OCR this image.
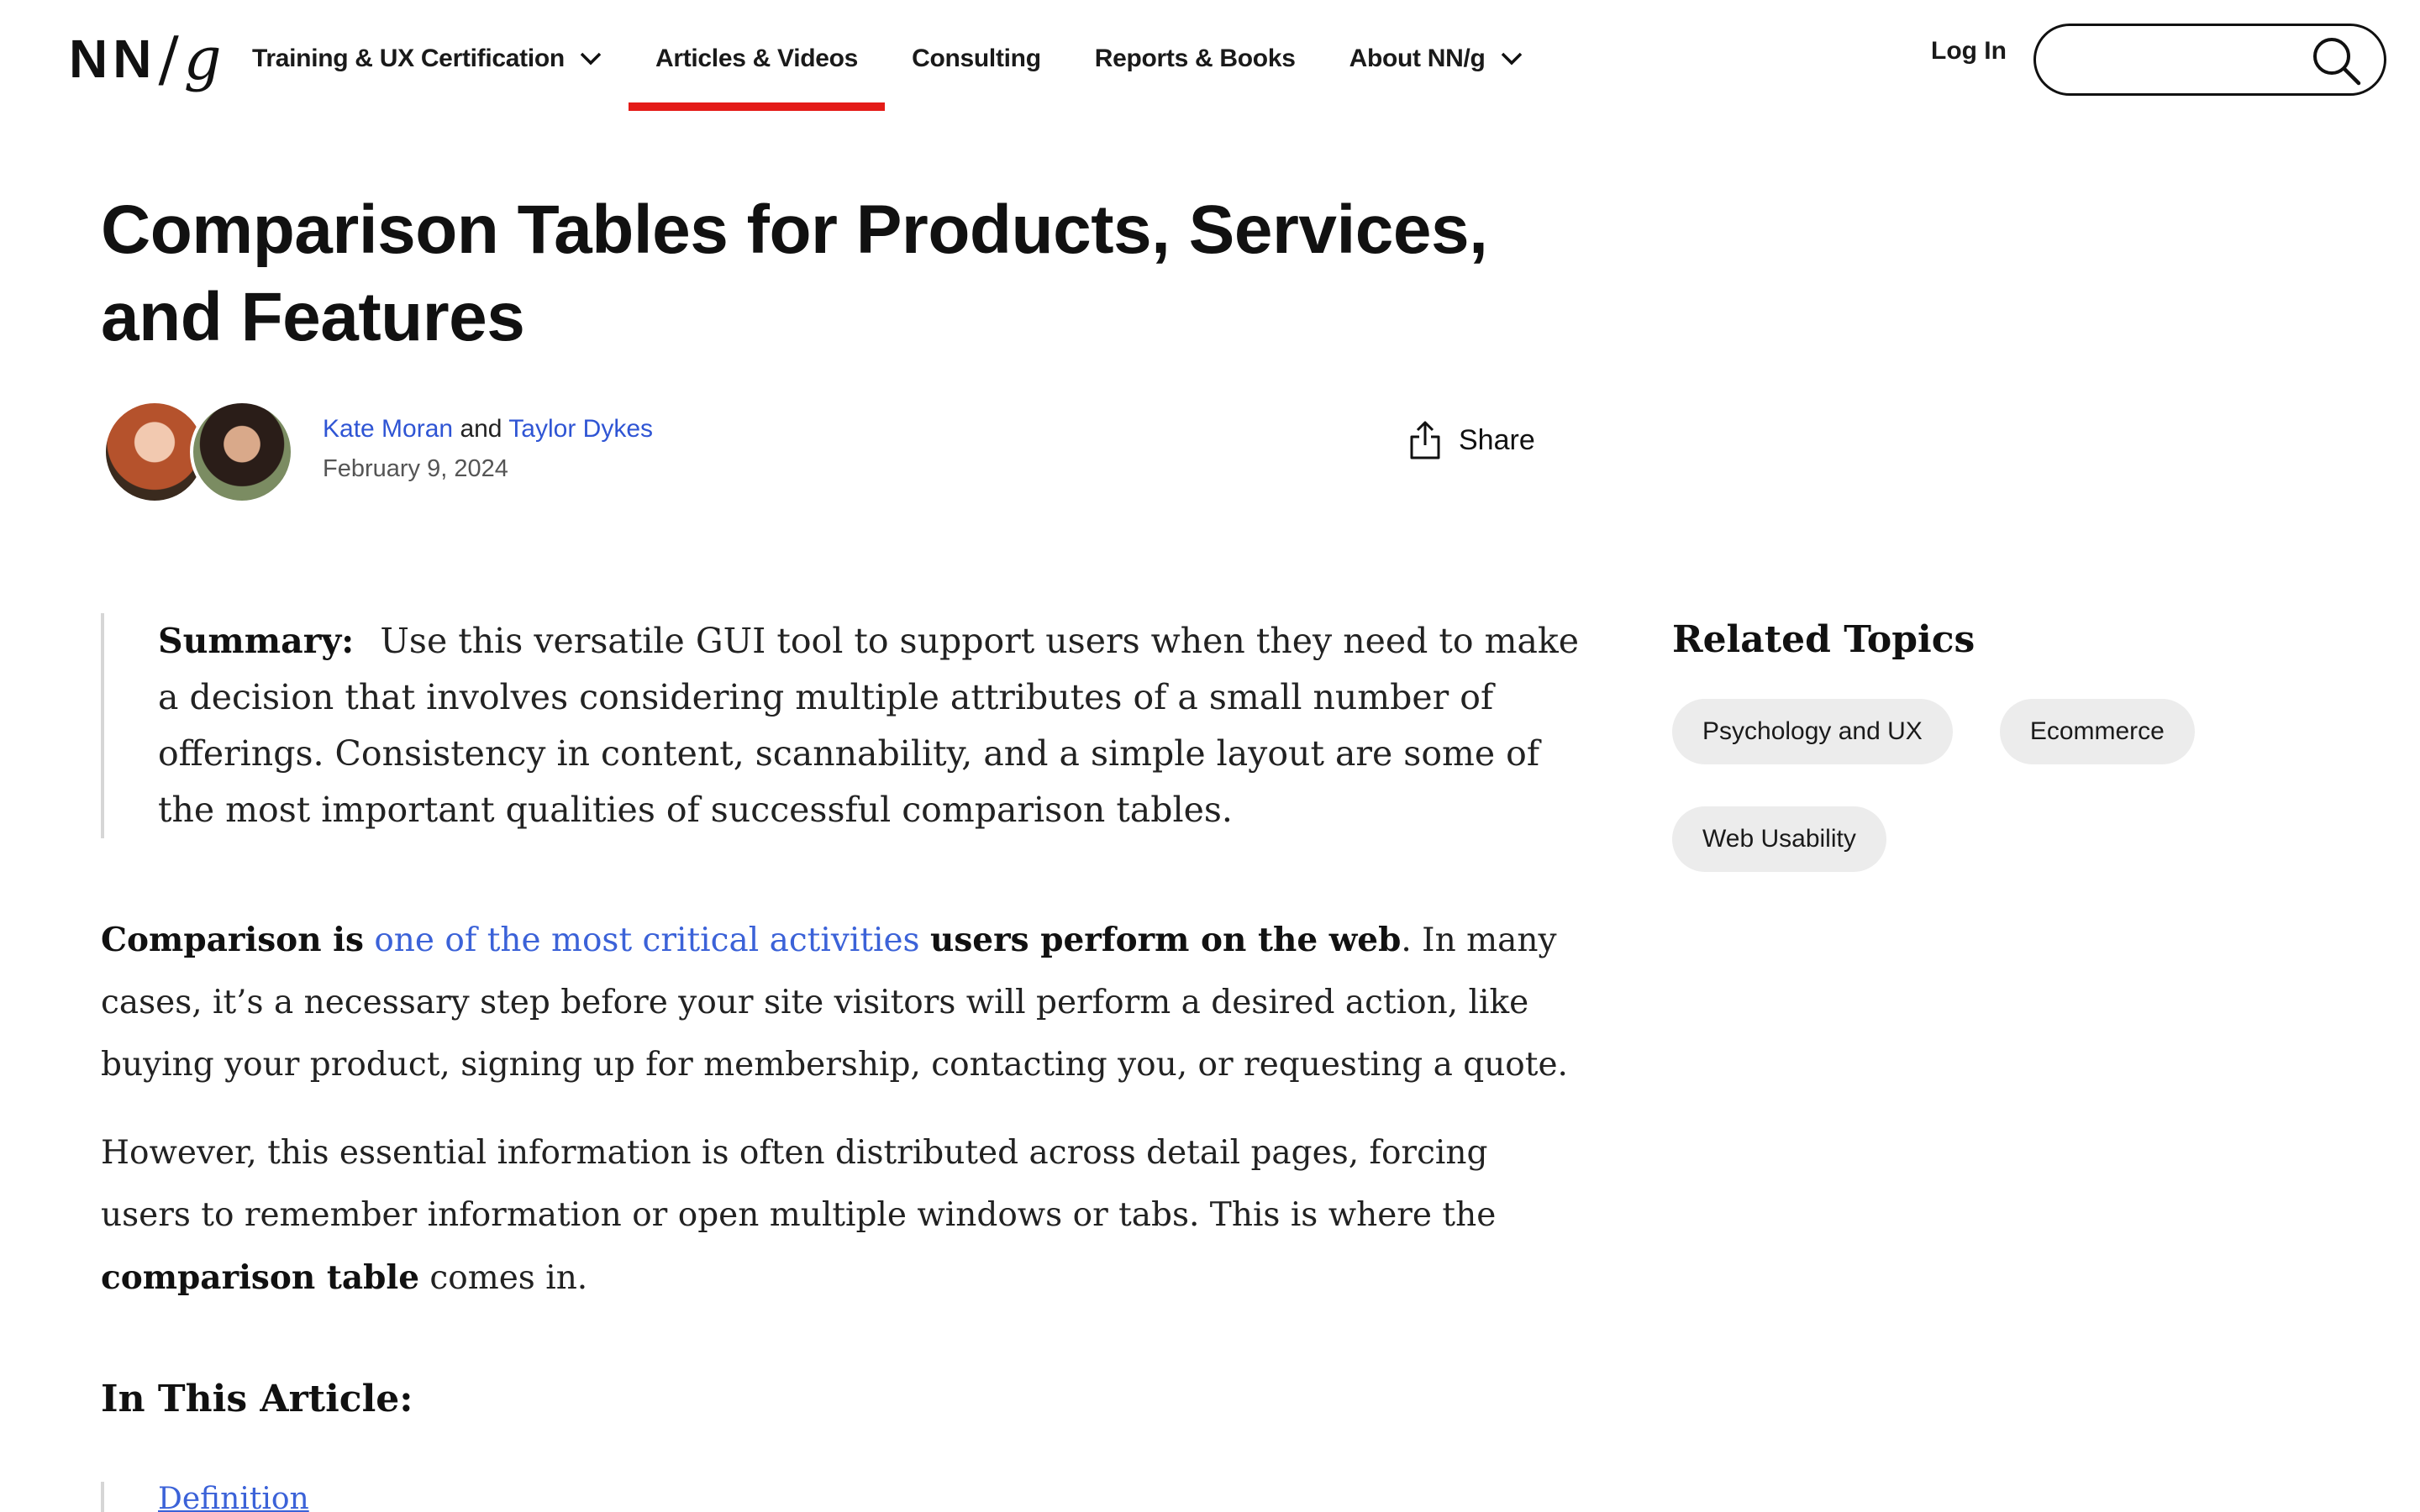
NN / g Training & UX Certification	Articles & Videos Consulting Reports & Books About NN/g	Log In
Comparison Tables for Products, Services, and Features
Kate Moran and Taylor Dykes
February 9, 2024
Share
Summary: Use this versatile GUI tool to support users when they need to make a decision that involves considering multiple attributes of a small number of offerings. Consistency in content, scannability, and a simple layout are some of the most important qualities of successful comparison tables.

Comparison is one of the most critical activities users perform on the web. In many cases, it’s a necessary step before your site visitors will perform a desired action, like buying your product, signing up for membership, contacting you, or requesting a quote.

However, this essential information is often distributed across detail pages, forcing users to remember information or open multiple windows or tabs. This is where the comparison table comes in.

In This Article:
Definition
Related Topics
Psychology and UX	Ecommerce
Web Usability
